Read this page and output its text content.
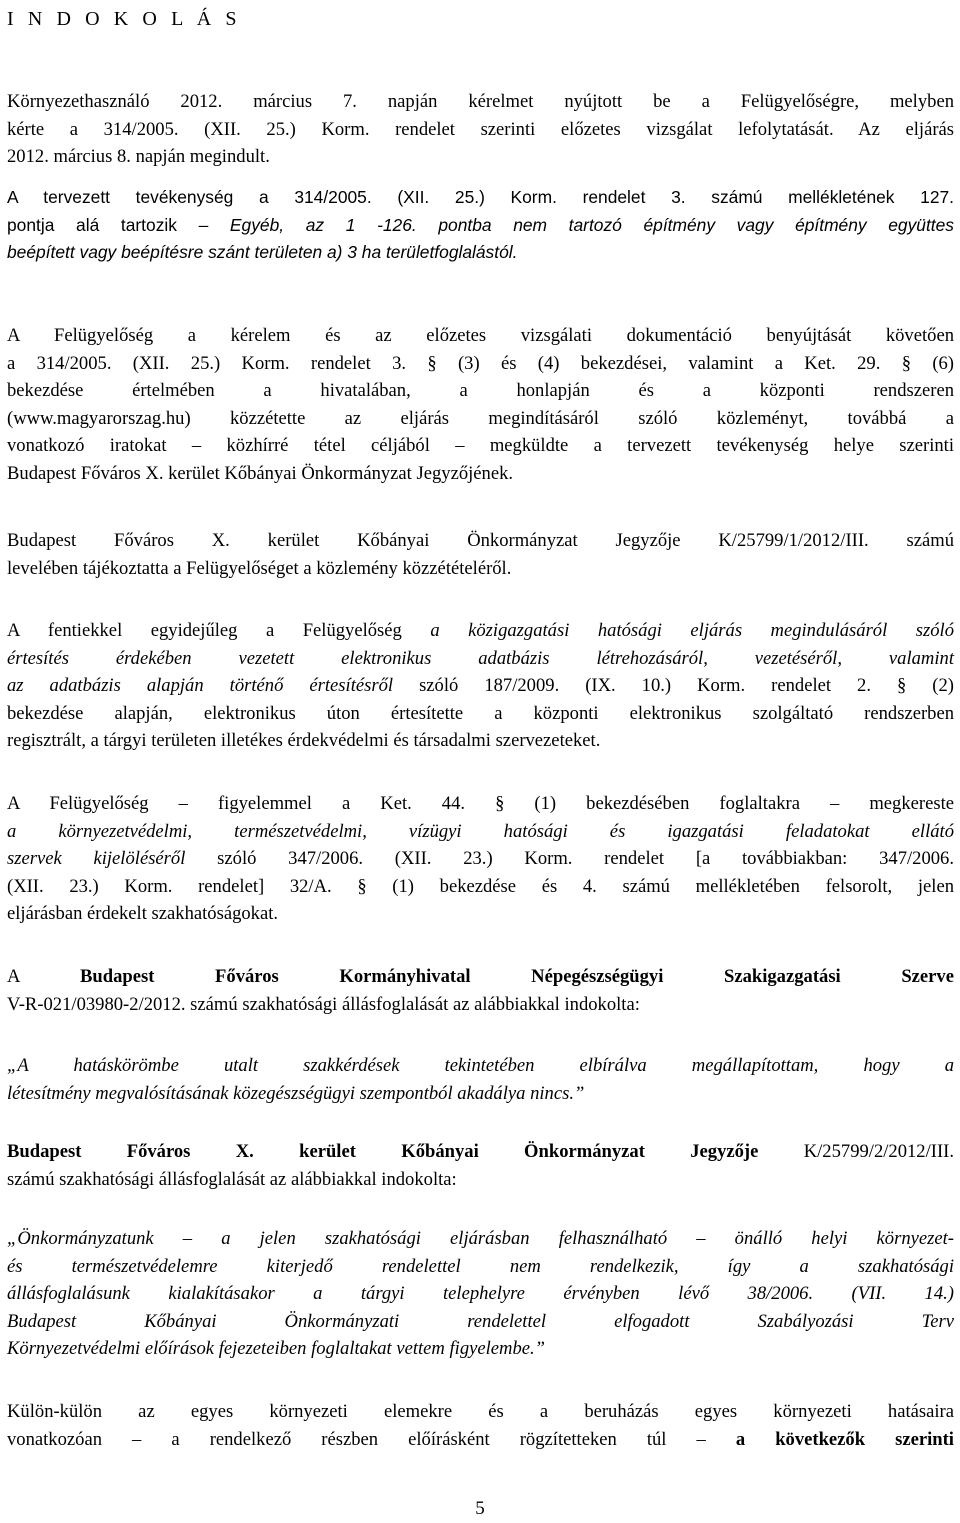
I N D O K O L Á S
Környezethasználó 2012. március 7. napján kérelmet nyújtott be a Felügyelőségre, melyben
kérte a 314/2005. (XII. 25.) Korm. rendelet szerinti előzetes vizsgálat lefolytatását. Az eljárás
2012. március 8. napján megindult.
A tervezett tevékenység a 314/2005. (XII. 25.) Korm. rendelet 3. számú mellékletének 127.
pontja alá tartozik – Egyéb, az 1 -126. pontba nem tartozó építmény vagy építmény együttes
beépített vagy beépítésre szánt területen a) 3 ha területfoglalástól.
A Felügyelőség a kérelem és az előzetes vizsgálati dokumentáció benyújtását követően
a 314/2005. (XII. 25.) Korm. rendelet 3. § (3) és (4) bekezdései, valamint a Ket. 29. § (6)
bekezdése értelmében a hivatalában, a honlapján és a központi rendszeren
(www.magyarorszag.hu) közzétette az eljárás megindításáról szóló közleményt, továbbá a
vonatkozó iratokat – közhírré tétel céljából – megküldte a tervezett tevékenység helye szerinti
Budapest Főváros X. kerület Kőbányai Önkormányzat Jegyzőjének.
Budapest Főváros X. kerület Kőbányai Önkormányzat Jegyzője K/25799/1/2012/III. számú
levelében tájékoztatta a Felügyelőséget a közlemény közzétételéről.
A fentiekkel egyidejűleg a Felügyelőség a közigazgatási hatósági eljárás megindulásáról szóló
értesítés érdekében vezetett elektronikus adatbázis létrehozásáról, vezetéséről, valamint
az adatbázis alapján történő értesítésről szóló 187/2009. (IX. 10.) Korm. rendelet 2. § (2)
bekezdése alapján, elektronikus úton értesítette a központi elektronikus szolgáltató rendszerben
regisztrált, a tárgyi területen illetékes érdekvédelmi és társadalmi szervezeteket.
A Felügyelőség – figyelemmel a Ket. 44. § (1) bekezdésében foglaltakra – megkereste
a környezetvédelmi, természetvédelmi, vízügyi hatósági és igazgatási feladatokat ellátó
szervek kijelöléséről szóló 347/2006. (XII. 23.) Korm. rendelet [a továbbiakban: 347/2006.
(XII. 23.) Korm. rendelet] 32/A. § (1) bekezdése és 4. számú mellékletében felsorolt, jelen
eljárásban érdekelt szakhatóságokat.
A	Budapest Főváros Kormányhivatal Népegészségügyi Szakigazgatási Szerve
V-R-021/03980-2/2012. számú szakhatósági állásfoglalását az alábbiakkal indokolta:
„A hatáskörömbe utalt szakkérdések tekintetében elbírálva megállapítottam, hogy a
létesítmény megvalósításának közegészségügyi szempontból akadálya nincs.”
Budapest Főváros X. kerület Kőbányai Önkormányzat Jegyzője K/25799/2/2012/III.
számú szakhatósági állásfoglalását az alábbiakkal indokolta:
„Önkormányzatunk – a jelen szakhatósági eljárásban felhasználható – önálló helyi környezet-
és természetvédelemre kiterjedő rendelettel nem rendelkezik, így a szakhatósági
állásfoglalásunk kialakításakor a tárgyi telephelyre érvényben lévő 38/2006. (VII. 14.)
Budapest Kőbányai Önkormányzati rendelettel elfogadott Szabályozási Terv
Környezetvédelmi előírások fejezeteiben foglaltakat vettem figyelembe.”
Külön-külön az egyes környezeti elemekre és a beruházás egyes környezeti hatásaira
vonatkozóan – a rendelkező részben előírásként rögzítetteken túl – a következők szerinti
5
